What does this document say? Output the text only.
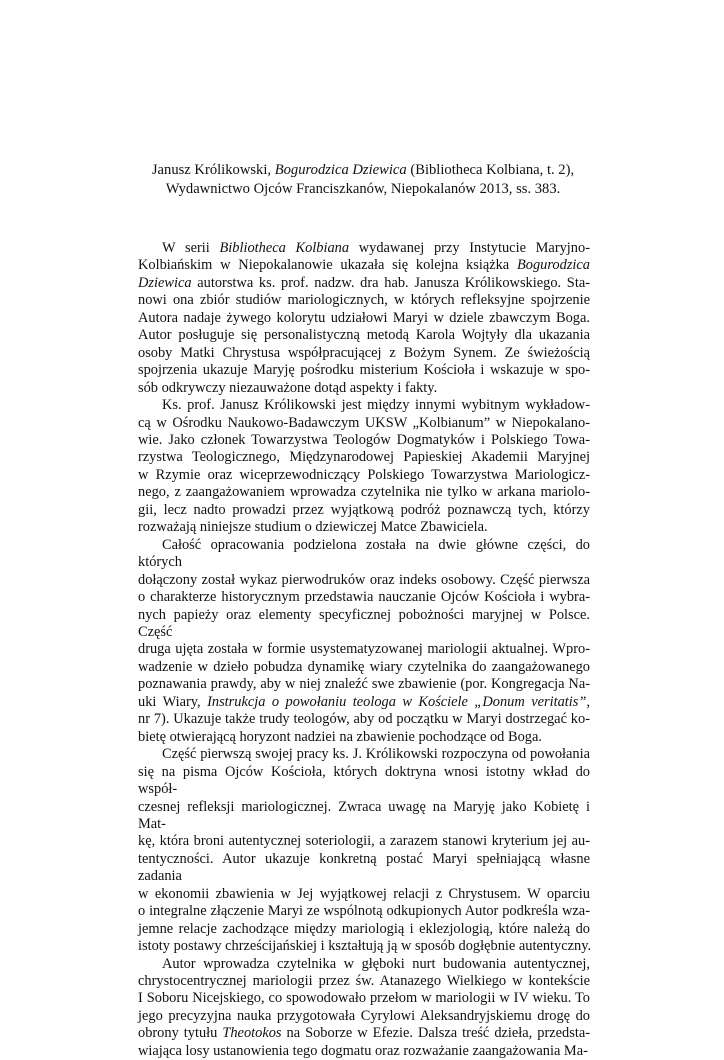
Janusz Królikowski, Bogurodzica Dziewica (Bibliotheca Kolbiana, t. 2),
Wydawnictwo Ojców Franciszkanów, Niepokalanów 2013, ss. 383.

W serii Bibliotheca Kolbiana wydawanej przy Instytucie Maryjno-
Kolbiańskim w Niepokalanowie ukazała się kolejna książka Bogurodzica
Dziewica autorstwa ks. prof. nadzw. dra hab. Janusza Królikowskiego. Sta-
nowi ona zbiór studiów mariologicznych, w których refleksyjne spojrzenie
Autora nadaje żywego kolorytu udziałowi Maryi w dziele zbawczym Boga.
Autor posługuje się personalistyczną metodą Karola Wojtyły dla ukazania
osoby Matki Chrystusa współpracującej z Bożym Synem. Ze świeżością
spojrzenia ukazuje Maryję pośrodku misterium Kościoła i wskazuje w spo-
sób odkrywczy niezauważone dotąd aspekty i fakty.

Ks. prof. Janusz Królikowski jest między innymi wybitnym wykładow-
cą w Ośrodku Naukowo-Badawczym UKSW „Kolbianum” w Niepokalano-
wie. Jako członek Towarzystwa Teologów Dogmatyków i Polskiego Towa-
rzystwa Teologicznego, Międzynarodowej Papieskiej Akademii Maryjnej
w Rzymie oraz wiceprzewodniczący Polskiego Towarzystwa Mariologicz-
nego, z zaangażowaniem wprowadza czytelnika nie tylko w arkana mariolo-
gii, lecz nadto prowadzi przez wyjątkową podróż poznawczą tych, którzy
rozważają niniejsze studium o dziewiczej Matce Zbawiciela.

Całość opracowania podzielona została na dwie główne części, do których
dołączony został wykaz pierwodruków oraz indeks osobowy. Część pierwsza
o charakterze historycznym przedstawia nauczanie Ojców Kościoła i wybra-
nych papieży oraz elementy specyficznej pobożności maryjnej w Polsce. Część
druga ujęta została w formie usystematyzowanej mariologii aktualnej. Wpro-
wadzenie w dzieło pobudza dynamikę wiary czytelnika do zaangażowanego
poznawania prawdy, aby w niej znaleźć swe zbawienie (por. Kongregacja Na-
uki Wiary, Instrukcja o powołaniu teologa w Kościele „Donum veritatis”,
nr 7). Ukazuje także trudy teologów, aby od początku w Maryi dostrzegać ko-
bietę otwierającą horyzont nadziei na zbawienie pochodzące od Boga.

Część pierwszą swojej pracy ks. J. Królikowski rozpoczyna od powołania
się na pisma Ojców Kościoła, których doktryna wnosi istotny wkład do współ-
czesnej refleksji mariologicznej. Zwraca uwagę na Maryję jako Kobietę i Mat-
kę, która broni autentycznej soteriologii, a zarazem stanowi kryterium jej au-
tentyczności. Autor ukazuje konkretną postać Maryi spełniającą własne zadania
w ekonomii zbawienia w Jej wyjątkowej relacji z Chrystusem. W oparciu
o integralne złączenie Maryi ze wspólnotą odkupionych Autor podkreśla wza-
jemne relacje zachodzące między mariologią i eklezjologią, które należą do
istoty postawy chrześcijańskiej i kształtują ją w sposób dogłębnie autentyczny.

Autor wprowadza czytelnika w głęboki nurt budowania autentycznej,
chrystocentrycznej mariologii przez św. Atanazego Wielkiego w kontekście
I Soboru Nicejskiego, co spowodowało przełom w mariologii w IV wieku. To
jego precyzyjna nauka przygotowała Cyrylowi Aleksandryjskiemu drogę do
obrony tytułu Theotokos na Soborze w Efezie. Dalsza treść dzieła, przedsta-
wiająca losy ustanowienia tego dogmatu oraz rozważanie zaangażowania Ma-
